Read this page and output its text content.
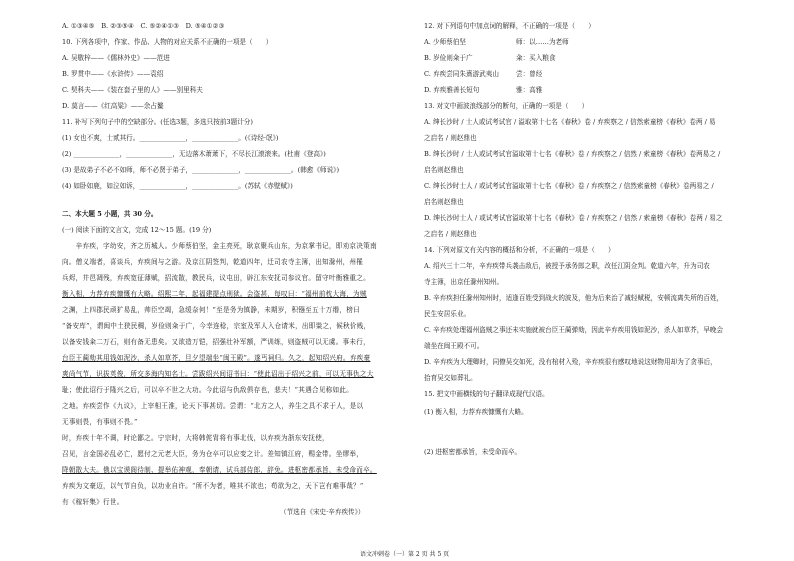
A. ①③④⑤　B. ②③⑤④　C. ⑤②④①③　D. ⑤④①②③

10. 下列各项中，作家、作品、人物的对应关系不正确的一项是（　　）

A. 吴敬梓——《儒林外史》——范进

B. 罗贯中——《水浒传》——袁绍

C. 契科夫——《装在套子里的人》——别里科夫

D. 莫言——《红高粱》——余占鳌

11. 补写下列句子中的空缺部分。(任选3题，多选只按前3题计分)

(1) 女也不爽，士贰其行。______________，______________。(《诗经·氓》)

(2) ______________，______________，无边落木萧萧下，不尽长江滚滚来。(杜甫《登高》)

(3) 是故弟子不必不如师，师不必贤于弟子，______________，______________。(韩愈《师说》)

(4) 如卧如鹿，如泣如诉，______________，______________。(苏轼《赤壁赋》)

二、本大题 5 小题，共 30 分。

(一) 阅读下面的文言文，完成 12～15 题。(19 分)

　　辛弃疾，字幼安，齐之历城人。少师蔡伯坚，金主亮死，耿京聚兵山东，为京掌书记，即劝京决策南

向。僧义端者，喜谈兵，弃疾间与之游。及京江阴签判，乾道四年，迁司农寺主簿，出知滁州，州罹

兵烬，井邑凋残，弃疾宽征薄赋，招流散，教民兵，议屯田，辟江东安抚司参议官。留守叶衡雅重之。

衡入相，力荐弃疾慷慨有大略。绍熙二年，起福建提点刑狱。会盗甚，每叹曰：“福州前枕大海，为贼

之渊，上四郡民顽犷易乱，帅臣空竭，急缓奈何！”至是务为镇静，未期岁，积镪至五十万缗，榜曰

“备安库”，谓闽中土狭民稠，岁俭则籴于广，今幸连稔，宗室及军人入仓请米，出即粜之，候秋价贱，

以备安钱籴二万石，则有备无患矣。又欲造万铠，招强壮补军额，严训练，则盗贼可以无虞。事未行，

台臣王蔺劾其用钱如泥沙，杀人如草芥，旦夕望端坐“闽王殿”。遂丐祠归。久之，起知绍兴府。弃疾豪

爽尚气节，识拔英俊，所交多海内知名士。尝跋绍兴间诏书曰：“使此诏出于绍兴之前，可以无事仇之大

耻；使此诏行于隆兴之后，可以卒不世之大功。今此诏与仇敌俱存也，悲夫！”其遇合见称如此。

之地。弃疾尝作《九议》，上宰相王淮，论天下事甚切。尝谓：“北方之人，养生之具不求于人，是以

无事则畏，有事则不畏。”

时，弃疾十年不调，时论鄙之。宁宗时，大将韩侂胄将有事北伐，以弃疾为浙东安抚使，

召见，言金国必乱必亡，愿付之元老大臣，务为仓卒可以应变之计。差知镇江府，赐金带。坐缪举，

降朝散大夫。俄以宝谟阁待制、提举佑神观，奉朝请，试兵部侍郎，辞免。进枢密都承旨，未受命而卒。

弃疾为文豪迈，以气节自负，以功业自许。“所不为者，唯其不欲也；苟欲为之，天下岂有难事哉？”

有《稼轩集》行世。

（节选自《宋史·辛弃疾传》）

12. 对下列语句中加点词的解释，不正确的一项是（　　）

A. 少师蔡伯坚	师：以……为老师

B. 岁俭则籴于广	籴：买入粮食

C. 弃疾尝同朱熹游武夷山	尝：曾经

D. 弃疾雅善长短句	雅：高雅

13. 对文中画波浪线部分的断句，正确的一项是（　　）

A. 绅长沙时 / 士人或试考试官 / 溢取第十七名《春秋》卷 / 弃疾察之 / 信然索童榜《春秋》卷两 / 易

之启名 / 则赵鼎也

B. 绅长沙时 / 士人或试考试官溢取第十七名《春秋》卷 / 弃疾察之 / 信然 / 索童榜《春秋》卷两易之 /

启名则赵鼎也

C. 绅长沙时士人 / 或试考试官溢取第十七名《春秋》卷 / 弃疾察之 / 信然索童榜《春秋》卷两易之 /

启名则赵鼎也

D. 绅长沙时士人 / 或试考试官溢取第十七名《春秋》卷 / 弃疾察之 / 信然 / 索童榜《春秋》卷两 / 易之

之启名 / 则赵鼎也

14. 下列对原文有关内容的概括和分析，不正确的一项是（　　）

A. 绍兴三十二年，辛弃疾带兵袭击敌后，被授予承务郎之职，改任江阴佥判。乾道六年，升为司农

寺主簿，出京任滁州知州。

B. 辛弃疾担任滁州知州时，适逢百姓受到战火的波及，他为后来治了减轻赋税，安顿流离失所的百姓，

民生安居乐业。

C. 辛弃疾处理福州盗贼之事还未实施就被台臣王蔺弹劾，因此辛弃疾用钱如泥沙，杀人如草芥，早晚会

端坐在闽王殿不可。

D. 辛弃疾为大理卿时，同僚吴交如死，没有棺材入殓，辛弃疾很有感叹地说这财物用却为了贪事后，

拾育吴交如葬礼。

15. 把文中画横线的句子翻译成现代汉语。

(1) 衡入相，力荐弃疾慷慨有大略。

(2) 进枢密都承旨，未受命而卒。

语文冲刺卷（一）第 2 页 共 5 页
